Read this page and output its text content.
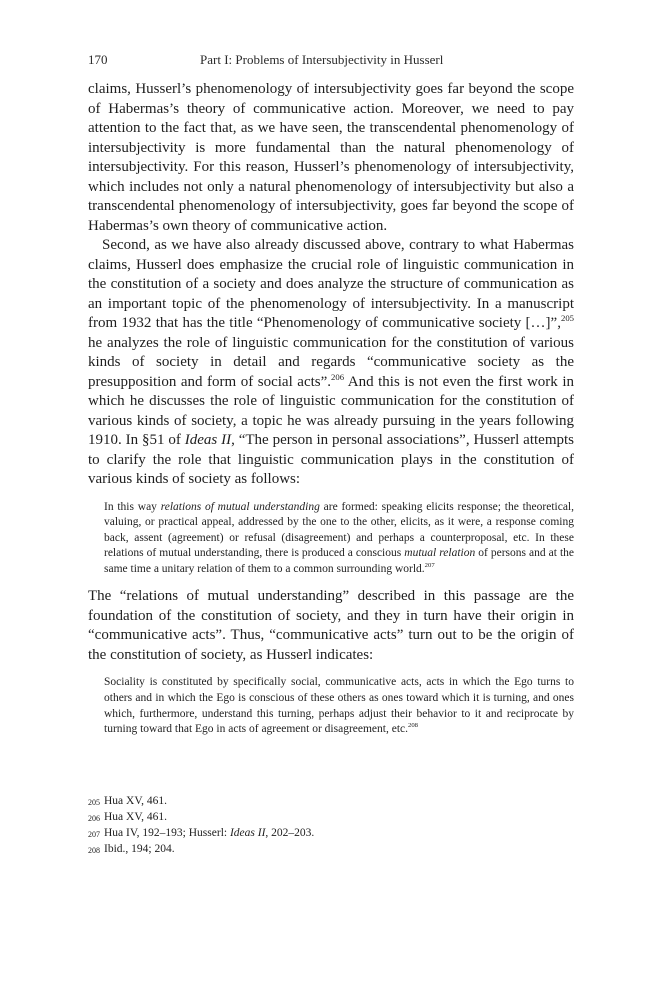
170	Part I: Problems of Intersubjectivity in Husserl

claims, Husserl’s phenomenology of intersubjectivity goes far beyond the scope of Habermas’s theory of communicative action. Moreover, we need to pay attention to the fact that, as we have seen, the transcendental phenomenology of intersubjectivity is more fundamental than the natural phenomenology of intersubjectivity. For this reason, Husserl’s phenomenology of intersubjectivity, which includes not only a natural phenomenology of intersubjectivity but also a transcendental phenomenology of intersubjectivity, goes far beyond the scope of Habermas’s own theory of communicative action.

Second, as we have also already discussed above, contrary to what Habermas claims, Husserl does emphasize the crucial role of linguistic communication in the constitution of a society and does analyze the structure of communication as an important topic of the phenomenology of intersubjectivity. In a manuscript from 1932 that has the title “Phenomenology of communicative society […]”,$^{205}$ he analyzes the role of linguistic communication for the constitution of various kinds of society in detail and regards “communicative society as the presupposition and form of social acts”.$^{206}$ And this is not even the first work in which he discusses the role of linguistic communication for the constitution of various kinds of society, a topic he was already pursuing in the years following 1910. In §51 of Ideas II, “The person in personal associations”, Husserl attempts to clarify the role that linguistic communication plays in the constitution of various kinds of society as follows:

In this way relations of mutual understanding are formed: speaking elicits response; the theoretical, valuing, or practical appeal, addressed by the one to the other, elicits, as it were, a response coming back, assent (agreement) or refusal (disagreement) and perhaps a counterproposal, etc. In these relations of mutual understanding, there is produced a conscious mutual relation of persons and at the same time a unitary relation of them to a common surrounding world.$^{207}$

The “relations of mutual understanding” described in this passage are the foundation of the constitution of society, and they in turn have their origin in “communicative acts”. Thus, “communicative acts” turn out to be the origin of the constitution of society, as Husserl indicates:

Sociality is constituted by specifically social, communicative acts, acts in which the Ego turns to others and in which the Ego is conscious of these others as ones toward which it is turning, and ones which, furthermore, understand this turning, perhaps adjust their behavior to it and reciprocate by turning toward that Ego in acts of agreement or disagreement, etc.$^{208}$

205 Hua XV, 461.
206 Hua XV, 461.
207 Hua IV, 192–193; Husserl: Ideas II, 202–203.
208 Ibid., 194; 204.
